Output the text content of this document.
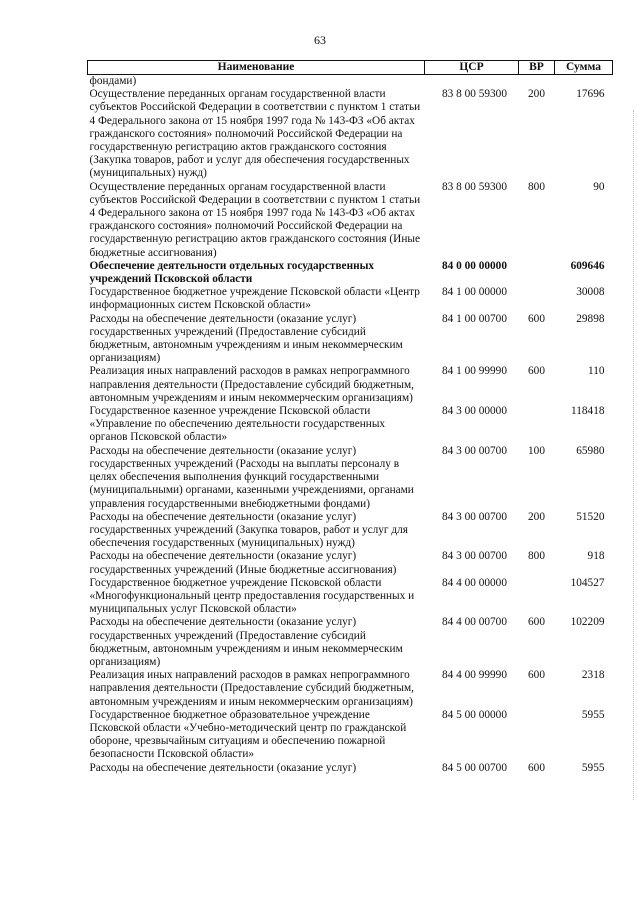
63
Наименование	ЦСР	ВР	Сумма
фондами)			
Осуществление переданных органам государственной власти субъектов Российской Федерации в соответствии с пунктом 1 статьи 4 Федерального закона от 15 ноября 1997 года № 143-ФЗ «Об актах гражданского состояния» полномочий Российской Федерации на государственную регистрацию актов гражданского состояния (Закупка товаров, работ и услуг для обеспечения государственных (муниципальных) нужд)	83 8 00 59300	200	17696
Осуществление переданных органам государственной власти субъектов Российской Федерации в соответствии с пунктом 1 статьи 4 Федерального закона от 15 ноября 1997 года № 143-ФЗ «Об актах гражданского состояния» полномочий Российской Федерации на государственную регистрацию актов гражданского состояния (Иные бюджетные ассигнования)	83 8 00 59300	800	90
Обеспечение деятельности отдельных государственных учреждений Псковской области	84 0 00 00000		609646
Государственное бюджетное учреждение Псковской области «Центр информационных систем Псковской области»	84 1 00 00000		30008
Расходы на обеспечение деятельности (оказание услуг) государственных учреждений (Предоставление субсидий бюджетным, автономным учреждениям и иным некоммерческим организациям)	84 1 00 00700	600	29898
Реализация иных направлений расходов в рамках непрограммного направления деятельности (Предоставление субсидий бюджетным, автономным учреждениям и иным некоммерческим организациям)	84 1 00 99990	600	110
Государственное казенное учреждение Псковской области «Управление по обеспечению деятельности государственных органов Псковской области»	84 3 00 00000		118418
Расходы на обеспечение деятельности (оказание услуг) государственных учреждений (Расходы на выплаты персоналу в целях обеспечения выполнения функций государственными (муниципальными) органами, казенными учреждениями, органами управления государственными внебюджетными фондами)	84 3 00 00700	100	65980
Расходы на обеспечение деятельности (оказание услуг) государственных учреждений (Закупка товаров, работ и услуг для обеспечения государственных (муниципальных) нужд)	84 3 00 00700	200	51520
Расходы на обеспечение деятельности (оказание услуг) государственных учреждений (Иные бюджетные ассигнования)	84 3 00 00700	800	918
Государственное бюджетное учреждение Псковской области «Многофункциональный центр предоставления государственных и муниципальных услуг Псковской области»	84 4 00 00000		104527
Расходы на обеспечение деятельности (оказание услуг) государственных учреждений (Предоставление субсидий бюджетным, автономным учреждениям и иным некоммерческим организациям)	84 4 00 00700	600	102209
Реализация иных направлений расходов в рамках непрограммного направления деятельности (Предоставление субсидий бюджетным, автономным учреждениям и иным некоммерческим организациям)	84 4 00 99990	600	2318
Государственное бюджетное образовательное учреждение Псковской области «Учебно-методический центр по гражданской обороне, чрезвычайным ситуациям и обеспечению пожарной безопасности Псковской области»	84 5 00 00000		5955
Расходы на обеспечение деятельности (оказание услуг)	84 5 00 00700	600	5955
